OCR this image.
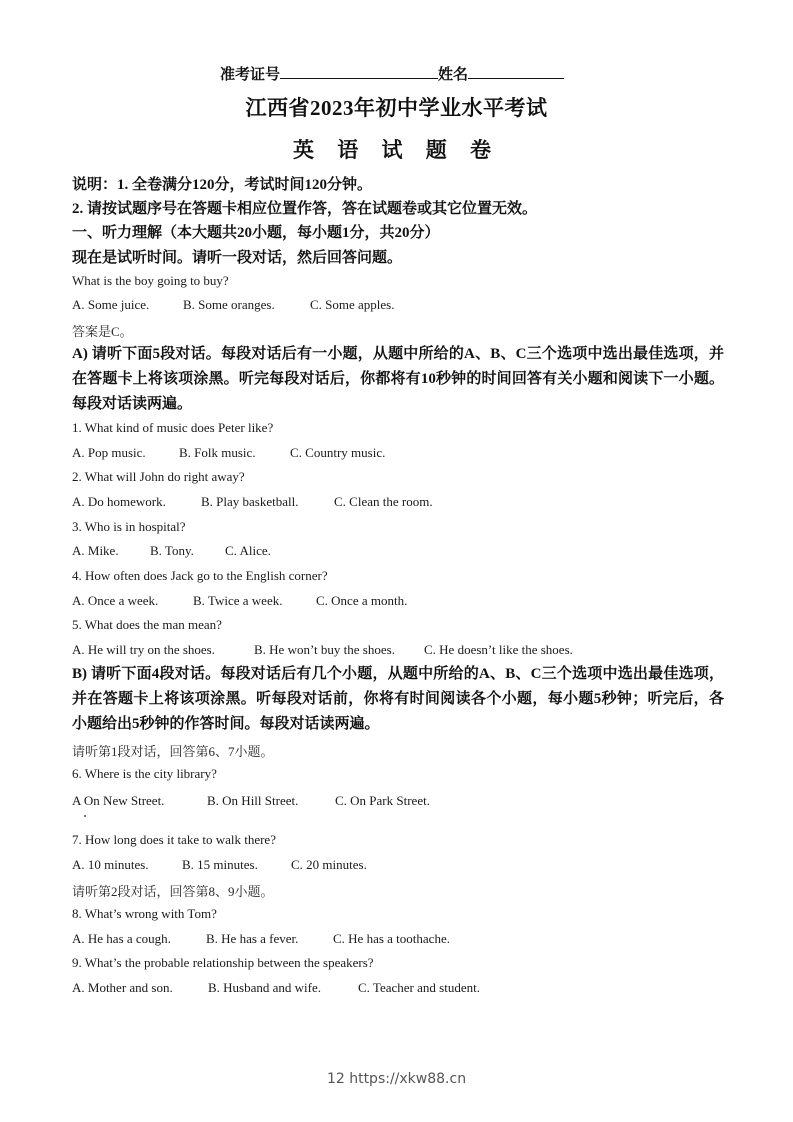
准考证号	姓名
江西省2023年初中学业水平考试
英 语 试 题 卷
说明：1. 全卷满分120分，考试时间120分钟。
2. 请按试题序号在答题卡相应位置作答，答在试题卷或其它位置无效。
一、听力理解（本大题共20小题，每小题1分，共20分）
现在是试听时间。请听一段对话，然后回答问题。
What is the boy going to buy?
A. Some juice.	B. Some oranges.	C. Some apples.
答案是C。
A) 请听下面5段对话。每段对话后有一小题，从题中所给的A、B、C三个选项中选出最佳选项，并在答题卡上将该项涂黑。听完每段对话后，你都将有10秒钟的时间回答有关小题和阅读下一小题。每段对话读两遍。
1. What kind of music does Peter like?
A. Pop music.	B. Folk music.	C. Country music.
2. What will John do right away?
A. Do homework.	B. Play basketball.	C. Clean the room.
3. Who is in hospital?
A. Mike. B. Tony. C. Alice.
4. How often does Jack go to the English corner?
A. Once a week.	B. Twice a week.	C. Once a month.
5. What does the man mean?
A. He will try on the shoes.	B. He won’t buy the shoes. C. He doesn’t like the shoes.
B) 请听下面4段对话。每段对话后有几个小题，从题中所给的A、B、C三个选项中选出最佳选项，并在答题卡上将该项涂黑。听每段对话前，你将有时间阅读各个小题，每小题5秒钟；听完后，各小题给出5秒钟的作答时间。每段对话读两遍。
请听第1段对话，回答第6、7小题。
6. Where is the city library?
A On New Street.	B. On Hill Street.	C. On Park Street.
7. How long does it take to walk there?
A. 10 minutes.	B. 15 minutes.	C. 20 minutes.
请听第2段对话，回答第8、9小题。
8. What’s wrong with Tom?
A. He has a cough.	B. He has a fever.	C. He has a toothache.
9. What’s the probable relationship between the speakers?
A. Mother and son.	B. Husband and wife.	C. Teacher and student.
12 https://xkw88.cn
